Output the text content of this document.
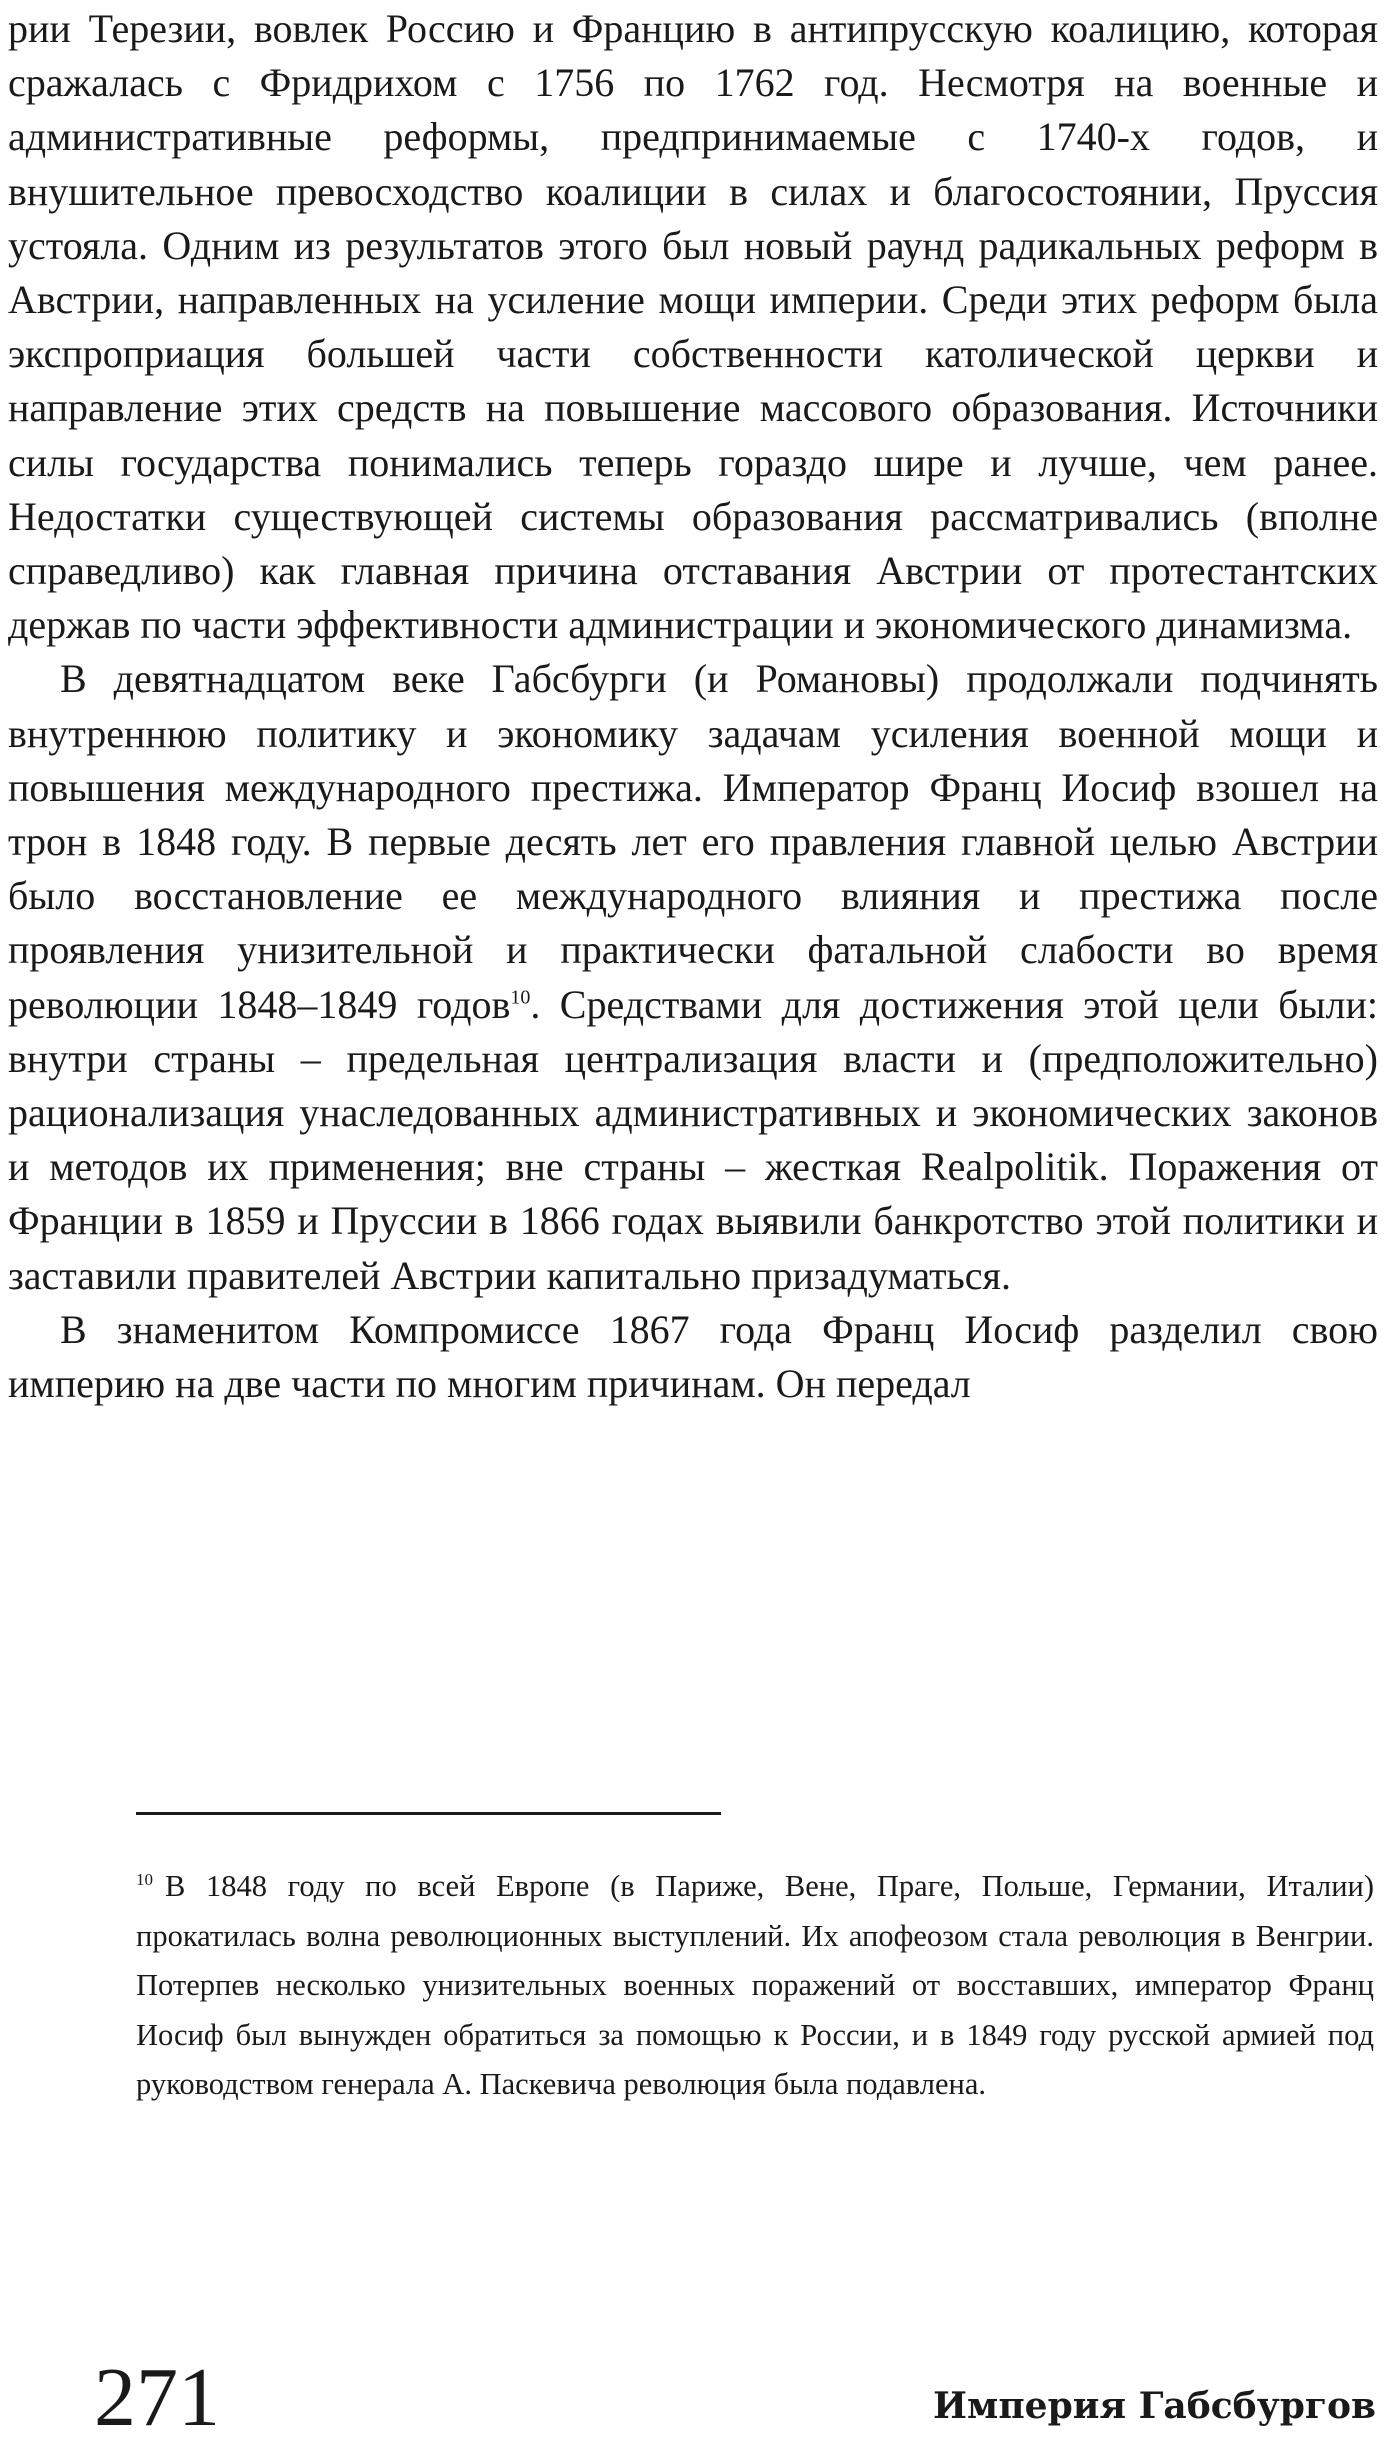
рии Терезии, вовлек Россию и Францию в антипрусскую коалицию, которая сражалась с Фридрихом с 1756 по 1762 год. Несмотря на военные и административные реформы, предпринимаемые с 1740-х годов, и внушительное превосходство коалиции в силах и благосостоянии, Пруссия устояла. Одним из результатов этого был новый раунд радикальных реформ в Австрии, направленных на усиление мощи империи. Среди этих реформ была экспроприация большей части собственности католической церкви и направление этих средств на повышение массового образования. Источники силы государства понимались теперь гораздо шире и лучше, чем ранее. Недостатки существующей системы образования рассматривались (вполне справедливо) как главная причина отставания Австрии от протестантских держав по части эффективности администрации и экономического динамизма.

В девятнадцатом веке Габсбурги (и Романовы) продолжали подчинять внутреннюю политику и экономику задачам усиления военной мощи и повышения международного престижа. Император Франц Иосиф взошел на трон в 1848 году. В первые десять лет его правления главной целью Австрии было восстановление ее международного влияния и престижа после проявления унизительной и практически фатальной слабости во время революции 1848–1849 годов$^{10}$. Средствами для достижения этой цели были: внутри страны – предельная централизация власти и (предположительно) рационализация унаследованных административных и экономических законов и методов их применения; вне страны – жесткая Realpolitik. Поражения от Франции в 1859 и Пруссии в 1866 годах выявили банкротство этой политики и заставили правителей Австрии капитально призадуматься.

В знаменитом Компромиссе 1867 года Франц Иосиф разделил свою империю на две части по многим причинам. Он передал

$^{10}$ В 1848 году по всей Европе (в Париже, Вене, Праге, Польше, Германии, Италии) прокатилась волна революционных выступлений. Их апофеозом стала революция в Венгрии. Потерпев несколько унизительных военных поражений от восставших, император Франц Иосиф был вынужден обратиться за помощью к России, и в 1849 году русской армией под руководством генерала А. Паскевича революция была подавлена.
271	Империя Габсбургов
